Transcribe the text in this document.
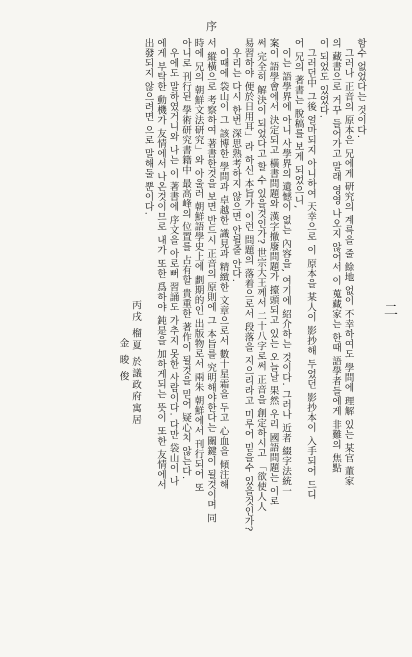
序
二
함수 없었다는 것이다.
그러나 正音의 原本은 兄에게 研究의 계륵을 줄 餘地 없이 不幸하여도 學問에 理解 있는 某官 董家
의 藏書으로 거꾸 들어가고 말래 영영 나오지 않어서 이 蒐藏家는 한때 語學者들에게 非難의 焦點
이 되었도 있었다.
그러던中 그後 얼마되지 아니하여 天幸으로 이 原本을 某人이 影抄해 두었던 影抄本이 入手되어 드디
어 兄의 著書는 脫稿를 보게 되었으니,
이는 語學界에 아니 사學界의 遺憾이 없는 內容을, 여기에 紹介하는 것이다. 그러나 近者 綴字法統一
案이 語學會에서 決定되고 橫書問題와 漢字撤廢問題가 擡頭되고 있는 오늘날 果然 우리 國語問題는 이로
써 完全히 解決이 되었다고 할 수 있을것인가? 世宗大王께서 二十八字로써 正音을 創定하시고 「欲使人人
易習하야 便於日用耳」라 하신 本旨가 이런 問題의 落着으로서 段落을 지으리라고 미루어 믿을수 있을것인가?
우리는 다시 한번 深思熟考하지 않으면 안될줄 안다.
이때에 袋山이 그 該博한 學問과 卓越한 識見과 精緻한 文章으로서 數十星霜을 두고 心血을 傾注해
서 縱橫으로 考察하여 著書한것을 보면 반드시 正音의 原則에 그 本旨를 究明해야한다는 關鍵이 될것이며 同
時에 兄의 朝鮮文法研究」와 아울러 朝鮮語學史上에 劃期的인 出版物로서 兩朱 朝鮮에서 刊行되어 또
아니로 刊行된 學術研究書籍中 最高峰의 位置를 占有할 貴重한 著作이 될것을 믿어 疑心치 않는다.
우에도 말하였거니와 나는 이 著書에 序文을 아로뻐 習誦도 가추지 못한 사람이다. 다만 袋山이 나
에게 부탁한 動機가 友情에서 나온것이므로 내가 또한 爲하야 鈍是을 加하게되는 뜻이 또한 友情에서
出發되지 않으려면 으로 말해둘 뿐이다.
丙戌 榴夏 於議政府寓居
金 晙 俊
